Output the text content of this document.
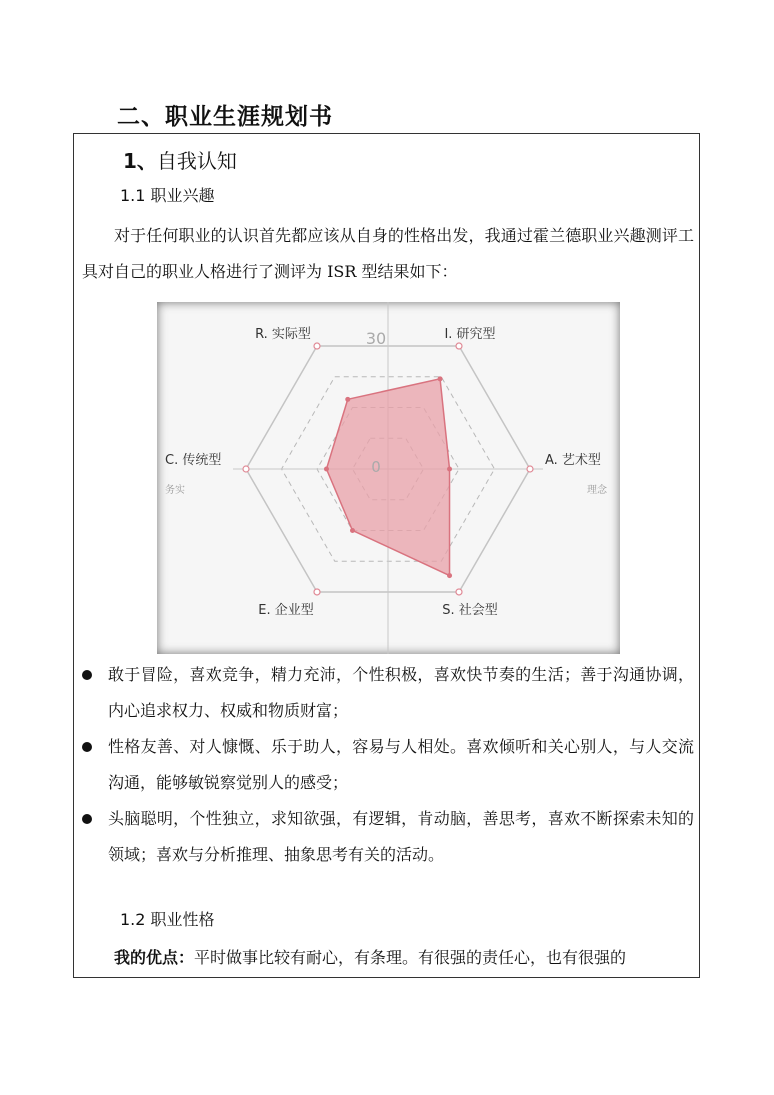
二、职业生涯规划书
1、自我认知
1.1 职业兴趣
对于任何职业的认识首先都应该从自身的性格出发，我通过霍兰德职业兴趣测评工具对自己的职业人格进行了测评为 ISR 型结果如下：
R. 实际型	I. 研究型
A. 艺术型
S. 社会型
E. 企业型
C. 传统型	0
30
务实	理念
敢于冒险，喜欢竞争，精力充沛，个性积极，喜欢快节奏的生活；善于沟通协调，内心追求权力、权威和物质财富；
性格友善、对人慷慨、乐于助人，容易与人相处。喜欢倾听和关心别人，与人交流沟通，能够敏锐察觉别人的感受；
头脑聪明，个性独立，求知欲强，有逻辑，肯动脑，善思考，喜欢不断探索未知的领域；喜欢与分析推理、抽象思考有关的活动。
1.2 职业性格
我的优点：平时做事比较有耐心，有条理。有很强的责任心，也有很强的
